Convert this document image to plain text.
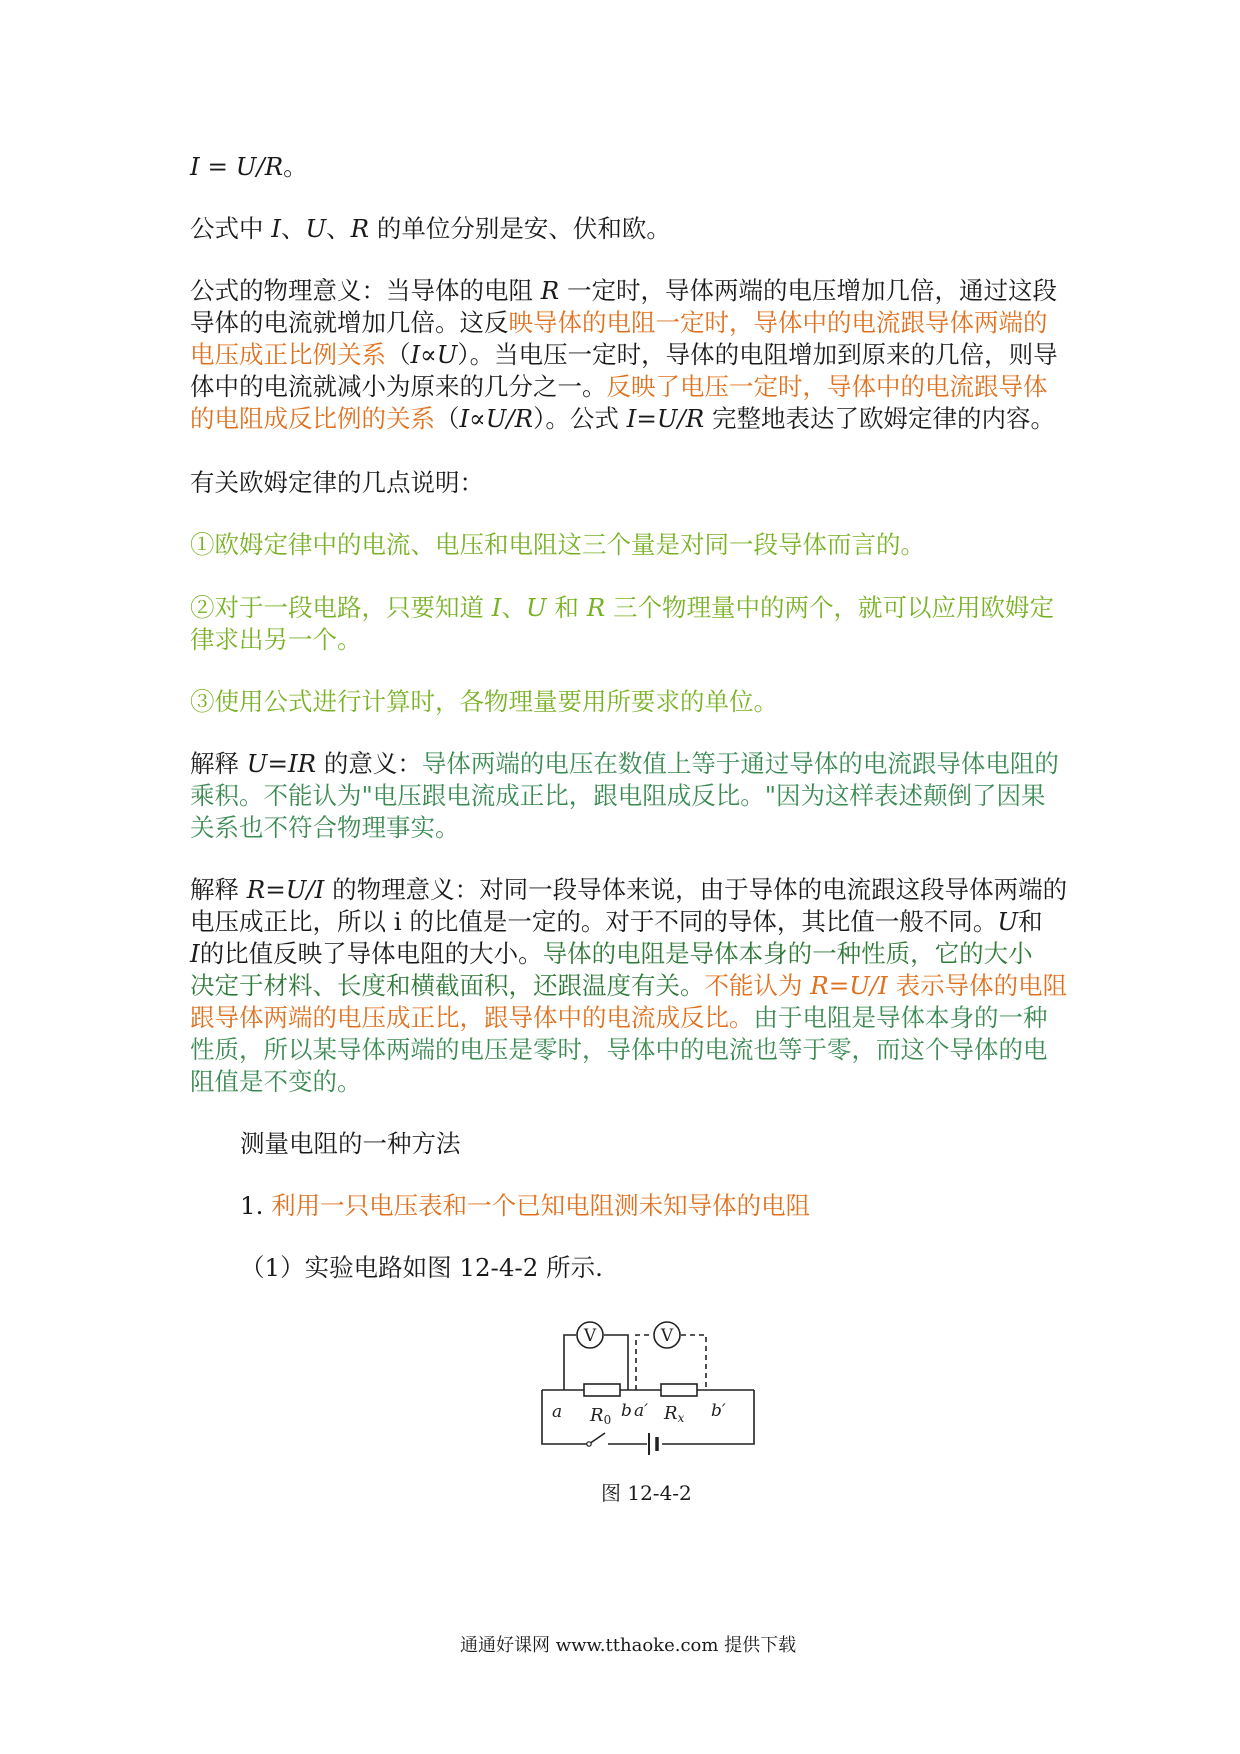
I = U/R。
公式中 I、U、R 的单位分别是安、伏和欧。
公式的物理意义：当导体的电阻 R 一定时，导体两端的电压增加几倍，通过这段
导体的电流就增加几倍。这反映导体的电阻一定时，导体中的电流跟导体两端的
电压成正比例关系（I∝U）。当电压一定时，导体的电阻增加到原来的几倍，则导
体中的电流就减小为原来的几分之一。反映了电压一定时，导体中的电流跟导体
的电阻成反比例的关系（I∝U/R）。公式 I=U/R 完整地表达了欧姆定律的内容。
有关欧姆定律的几点说明：
①欧姆定律中的电流、电压和电阻这三个量是对同一段导体而言的。
②对于一段电路，只要知道 I、U 和 R 三个物理量中的两个，就可以应用欧姆定
律求出另一个。
③使用公式进行计算时，各物理量要用所要求的单位。
解释 U=IR 的意义：导体两端的电压在数值上等于通过导体的电流跟导体电阻的
乘积。不能认为"电压跟电流成正比，跟电阻成反比。"因为这样表述颠倒了因果
关系也不符合物理事实。
解释 R=U/I 的物理意义：对同一段导体来说，由于导体的电流跟这段导体两端的
电压成正比，所以 i 的比值是一定的。对于不同的导体，其比值一般不同。U和
I的比值反映了导体电阻的大小。导体的电阻是导体本身的一种性质，它的大小
决定于材料、长度和横截面积，还跟温度有关。不能认为 R=U/I 表示导体的电阻
跟导体两端的电压成正比，跟导体中的电流成反比。由于电阻是导体本身的一种
性质，所以某导体两端的电压是零时，导体中的电流也等于零，而这个导体的电
阻值是不变的。
测量电阻的一种方法
1. 利用一只电压表和一个已知电阻测未知导体的电阻
（1）实验电路如图 12-4-2 所示.
V	V
a R0 b a′ Rx b′
图 12-4-2
通通好课网 www.tthaoke.com 提供下载
